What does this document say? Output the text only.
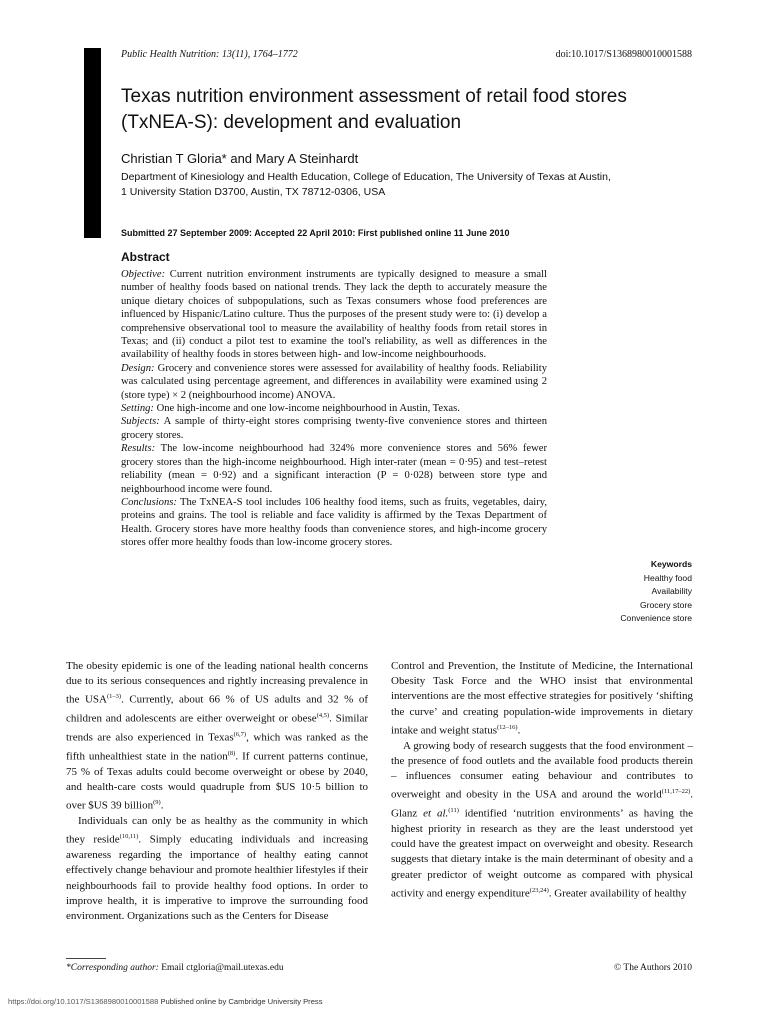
Public Health Nutrition: 13(11), 1764–1772	doi:10.1017/S1368980010001588
Texas nutrition environment assessment of retail food stores (TxNEA-S): development and evaluation
Christian T Gloria* and Mary A Steinhardt
Department of Kinesiology and Health Education, College of Education, The University of Texas at Austin,
1 University Station D3700, Austin, TX 78712-0306, USA
Submitted 27 September 2009: Accepted 22 April 2010: First published online 11 June 2010
Abstract

Objective: Current nutrition environment instruments are typically designed to measure a small number of healthy foods based on national trends. They lack the depth to accurately measure the unique dietary choices of subpopulations, such as Texas consumers whose food preferences are influenced by Hispanic/Latino culture. Thus the purposes of the present study were to: (i) develop a comprehensive observational tool to measure the availability of healthy foods from retail stores in Texas; and (ii) conduct a pilot test to examine the tool's reliability, as well as differences in the availability of healthy foods in stores between high- and low-income neighbourhoods.

Design: Grocery and convenience stores were assessed for availability of healthy foods. Reliability was calculated using percentage agreement, and differences in availability were examined using 2 (store type) × 2 (neighbourhood income) ANOVA.

Setting: One high-income and one low-income neighbourhood in Austin, Texas.

Subjects: A sample of thirty-eight stores comprising twenty-five convenience stores and thirteen grocery stores.

Results: The low-income neighbourhood had 324% more convenience stores and 56% fewer grocery stores than the high-income neighbourhood. High inter-rater (mean = 0·95) and test–retest reliability (mean = 0·92) and a significant interaction (P = 0·028) between store type and neighbourhood income were found.

Conclusions: The TxNEA-S tool includes 106 healthy food items, such as fruits, vegetables, dairy, proteins and grains. The tool is reliable and face validity is affirmed by the Texas Department of Health. Grocery stores have more healthy foods than convenience stores, and high-income grocery stores offer more healthy foods than low-income grocery stores.

Keywords
Healthy food
Availability
Grocery store
Convenience store

The obesity epidemic is one of the leading national health concerns due to its serious consequences and rightly increasing prevalence in the USA$^{(1-3)}$. Currently, about 66 % of US adults and 32 % of children and adolescents are either overweight or obese$^{(4,5)}$. Similar trends are also experienced in Texas$^{(6,7)}$, which was ranked as the fifth unhealthiest state in the nation$^{(8)}$. If current patterns continue, 75 % of Texas adults could become overweight or obese by 2040, and health-care costs would quadruple from $US 10·5 billion to over $US 39 billion$^{(9)}$.

Individuals can only be as healthy as the community in which they reside$^{(10,11)}$. Simply educating individuals and increasing awareness regarding the importance of healthy eating cannot effectively change behaviour and promote healthier lifestyles if their neighbourhoods fail to provide healthy food options. In order to improve health, it is imperative to improve the surrounding food environment. Organizations such as the Centers for Disease

Control and Prevention, the Institute of Medicine, the International Obesity Task Force and the WHO insist that environmental interventions are the most effective strategies for positively ‘shifting the curve’ and creating population-wide improvements in dietary intake and weight status$^{(12-16)}$.

A growing body of research suggests that the food environment – the presence of food outlets and the available food products therein – influences consumer eating behaviour and contributes to overweight and obesity in the USA and around the world$^{(11,17-22)}$. Glanz et al.$^{(11)}$ identified ‘nutrition environments’ as having the highest priority in research as they are the least understood yet could have the greatest impact on overweight and obesity. Research suggests that dietary intake is the main determinant of obesity and a greater predictor of weight outcome as compared with physical activity and energy expenditure$^{(23,24)}$. Greater availability of healthy

*Corresponding author: Email ctgloria@mail.utexas.edu	© The Authors 2010
https://doi.org/10.1017/S1368980010001588 Published online by Cambridge University Press
